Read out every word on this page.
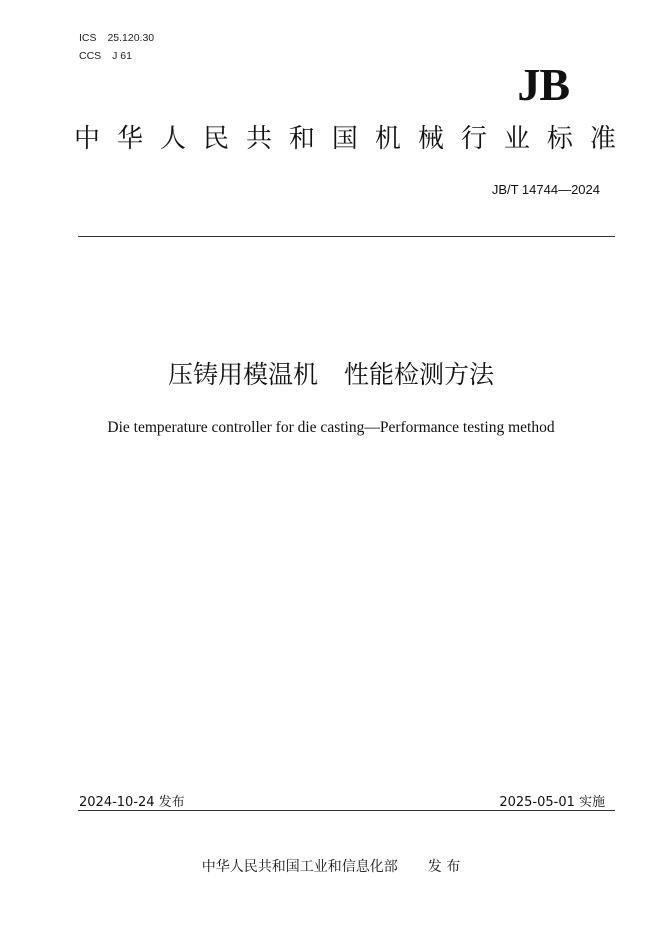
ICS 25.120.30
CCS J 61
JB
中 华 人 民 共 和 国 机 械 行 业 标 准
JB/T 14744—2024
压铸用模温机 性能检测方法
Die temperature controller for die casting—Performance testing method
2024-10-24 发布	2025-05-01 实施
中华人民共和国工业和信息化部 发 布
